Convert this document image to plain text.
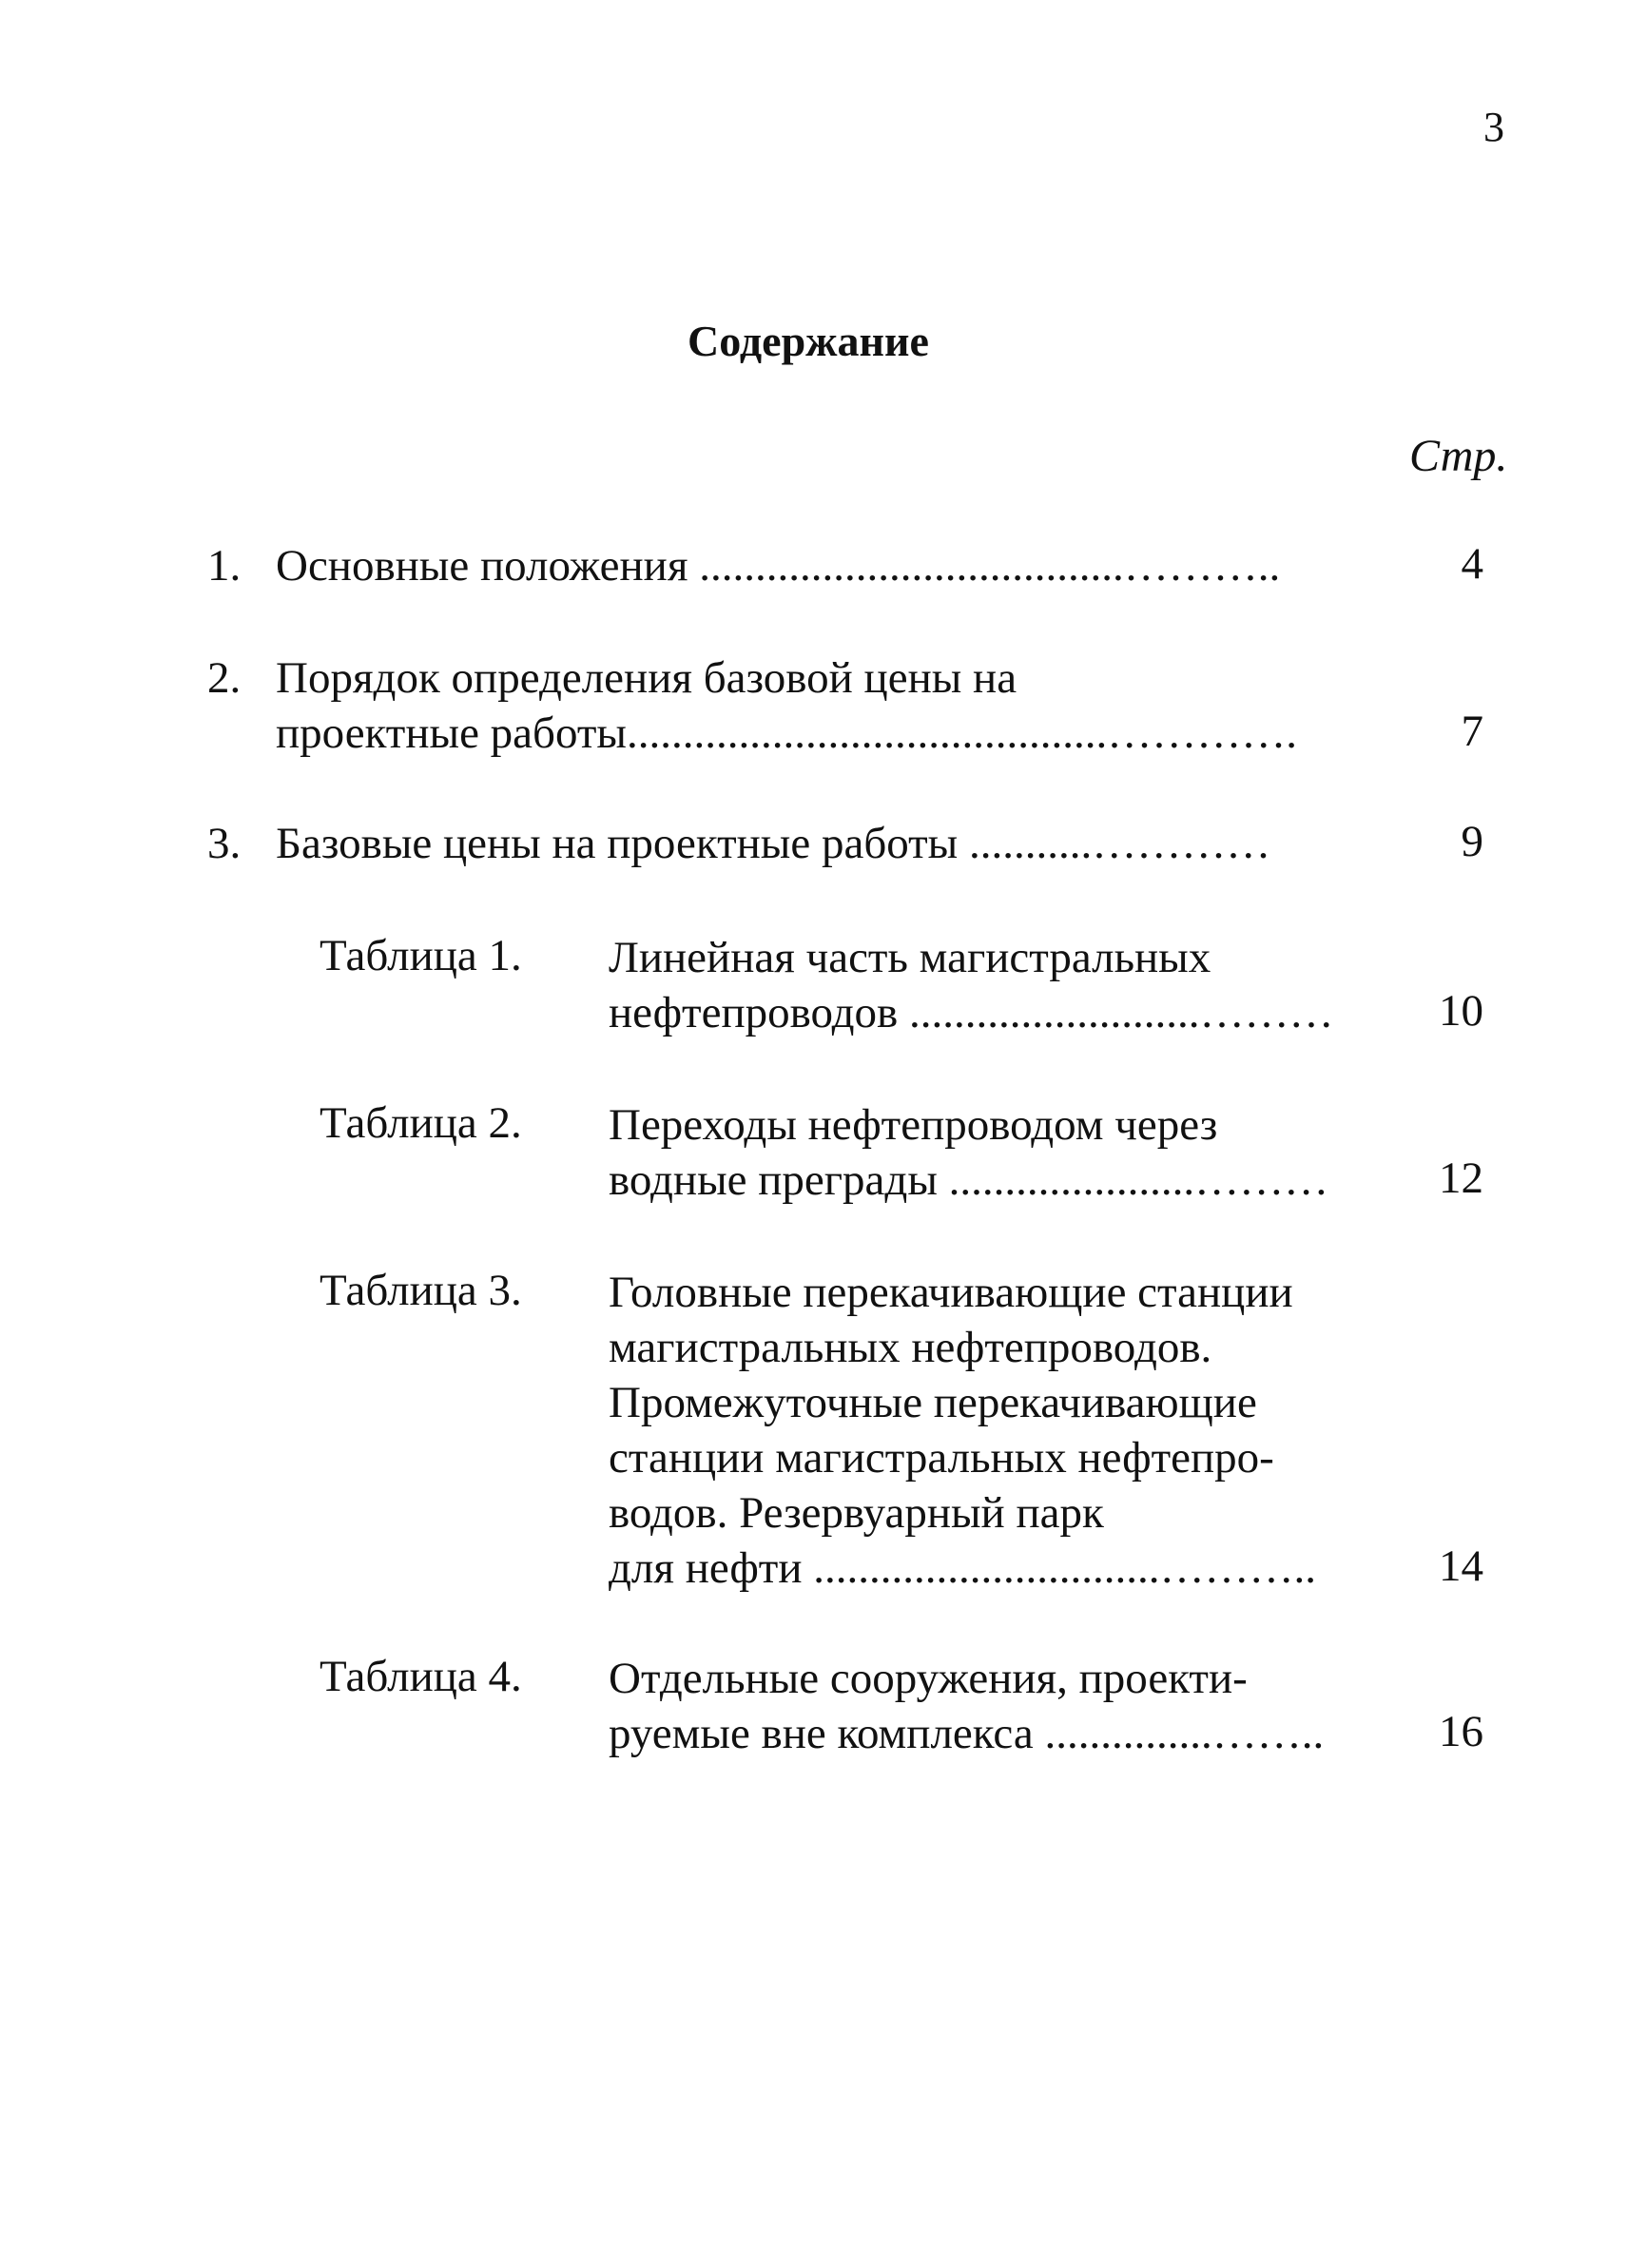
3
Содержание
Стр.
1. Основные положения ......................................………..	4
2. Порядок определения базовой цены на
проектные работы...........................................………….	7
3. Базовые цены на проектные работы ...........…………	9
Таблица 1. Линейная часть магистральных
нефтепроводов ..........................………	10
Таблица 2. Переходы нефтепроводом через
водные преграды ......................………	12
Таблица 3. Головные перекачивающие станции
магистральных нефтепроводов.
Промежуточные перекачивающие
станции магистральных нефтепро-
водов. Резервуарный парк
для нефти ...............................………..	14
Таблица 4. Отдельные сооружения, проекти-
руемые вне комплекса ...............……..	16
